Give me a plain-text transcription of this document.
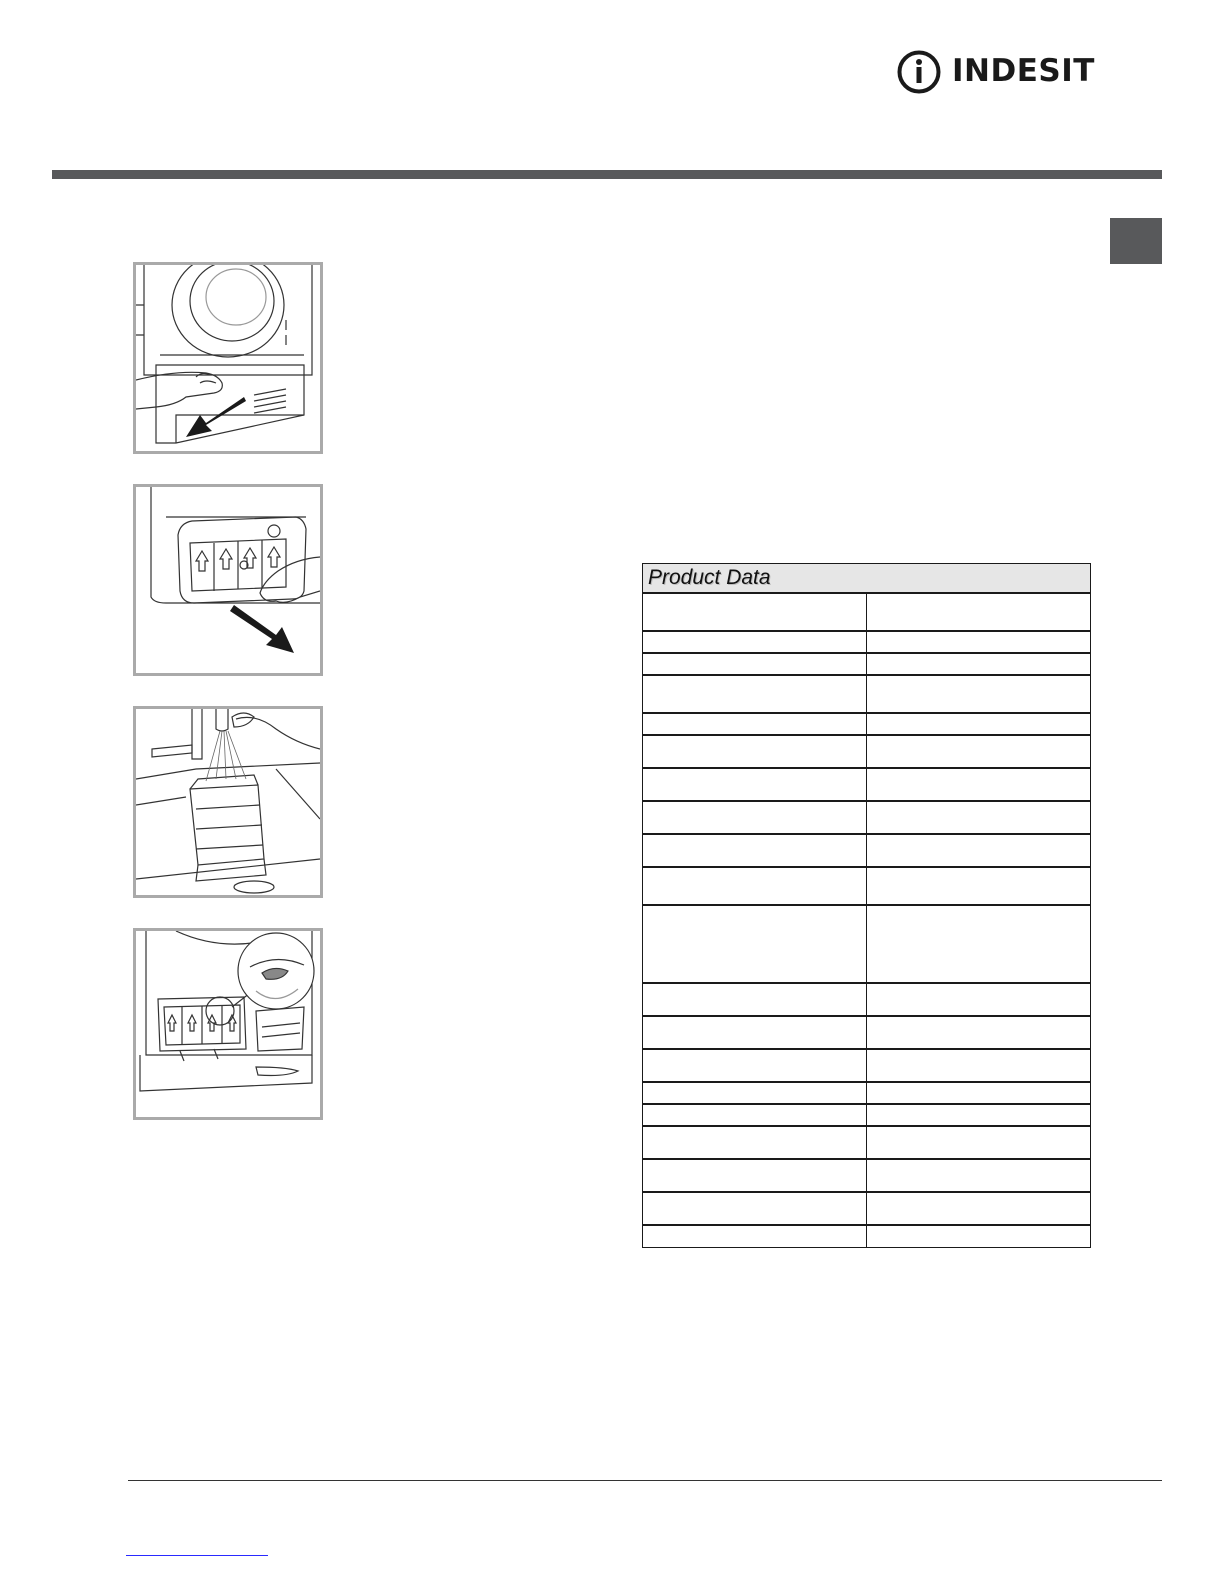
INDESIT
Product Data	
